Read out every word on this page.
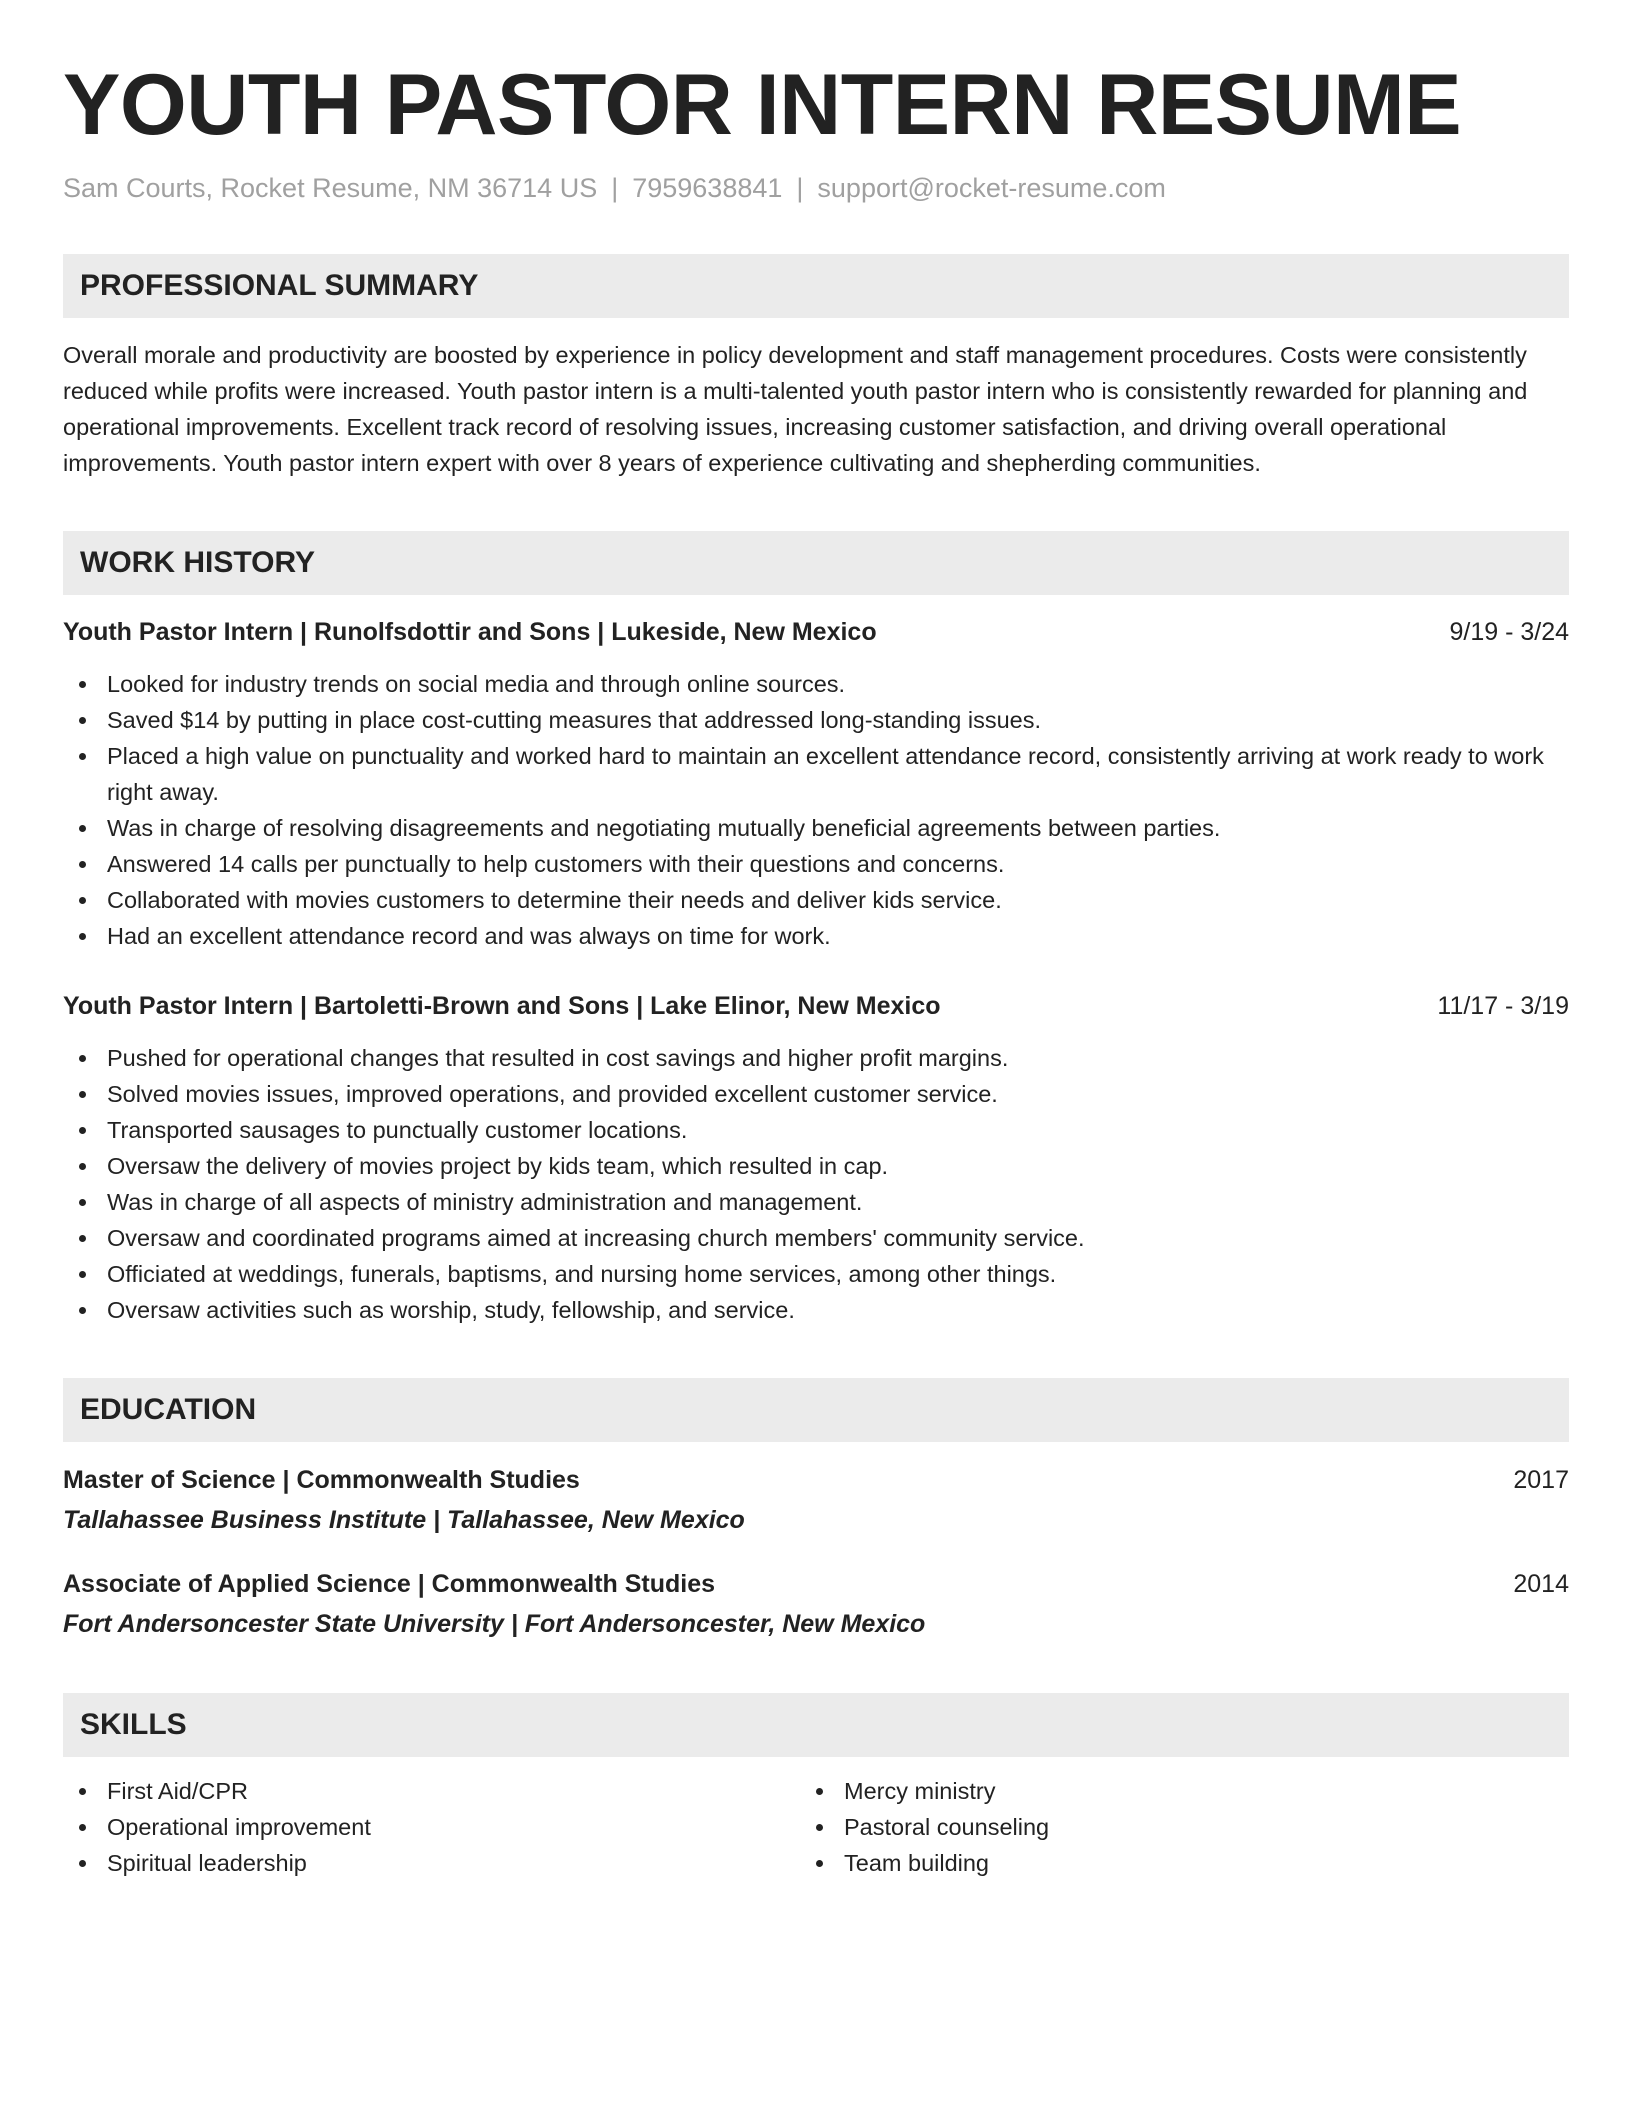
YOUTH PASTOR INTERN RESUME
Sam Courts, Rocket Resume, NM 36714 US | 7959638841 | support@rocket-resume.com
PROFESSIONAL SUMMARY
Overall morale and productivity are boosted by experience in policy development and staff management procedures. Costs were consistently reduced while profits were increased. Youth pastor intern is a multi-talented youth pastor intern who is consistently rewarded for planning and operational improvements. Excellent track record of resolving issues, increasing customer satisfaction, and driving overall operational improvements. Youth pastor intern expert with over 8 years of experience cultivating and shepherding communities.
WORK HISTORY
Youth Pastor Intern | Runolfsdottir and Sons | Lukeside, New Mexico	9/19 - 3/24
Looked for industry trends on social media and through online sources.
Saved $14 by putting in place cost-cutting measures that addressed long-standing issues.
Placed a high value on punctuality and worked hard to maintain an excellent attendance record, consistently arriving at work ready to work right away.
Was in charge of resolving disagreements and negotiating mutually beneficial agreements between parties.
Answered 14 calls per punctually to help customers with their questions and concerns.
Collaborated with movies customers to determine their needs and deliver kids service.
Had an excellent attendance record and was always on time for work.
Youth Pastor Intern | Bartoletti-Brown and Sons | Lake Elinor, New Mexico	11/17 - 3/19
Pushed for operational changes that resulted in cost savings and higher profit margins.
Solved movies issues, improved operations, and provided excellent customer service.
Transported sausages to punctually customer locations.
Oversaw the delivery of movies project by kids team, which resulted in cap.
Was in charge of all aspects of ministry administration and management.
Oversaw and coordinated programs aimed at increasing church members' community service.
Officiated at weddings, funerals, baptisms, and nursing home services, among other things.
Oversaw activities such as worship, study, fellowship, and service.
EDUCATION
Master of Science | Commonwealth Studies	2017
Tallahassee Business Institute | Tallahassee, New Mexico
Associate of Applied Science | Commonwealth Studies	2014
Fort Andersoncester State University | Fort Andersoncester, New Mexico
SKILLS
First Aid/CPR
Operational improvement
Spiritual leadership
Mercy ministry
Pastoral counseling
Team building
